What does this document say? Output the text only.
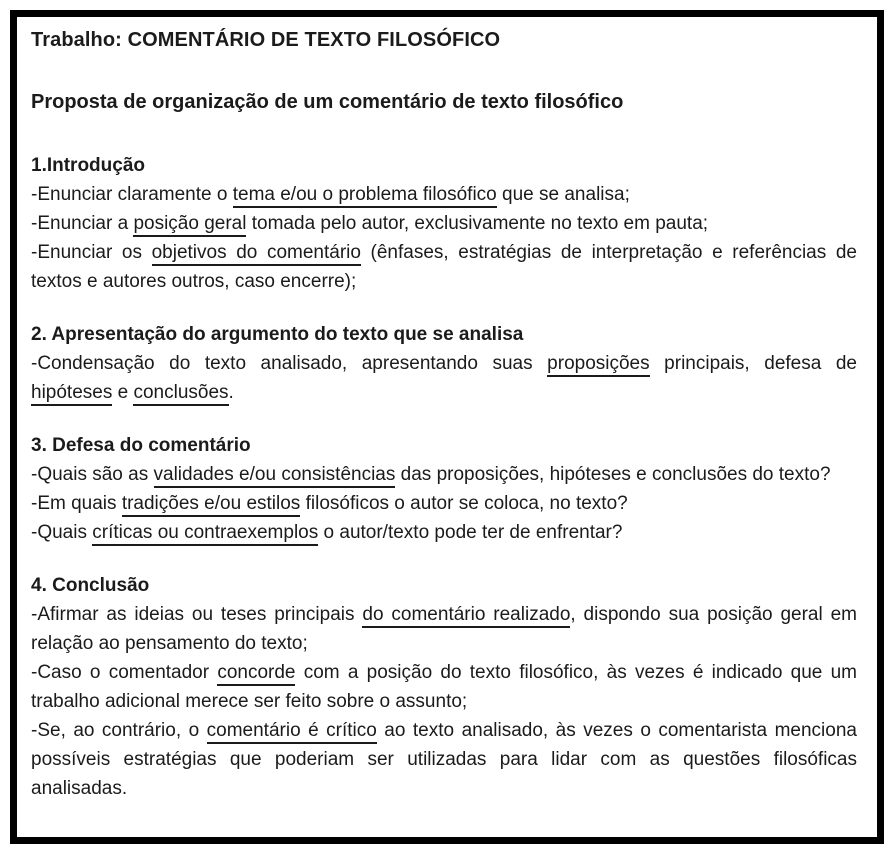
Trabalho: COMENTÁRIO DE TEXTO FILOSÓFICO

Proposta de organização de um comentário de texto filosófico

1.Introdução

-Enunciar claramente o tema e/ou o problema filosófico que se analisa;

-Enunciar a posição geral tomada pelo autor, exclusivamente no texto em pauta;

-Enunciar os objetivos do comentário (ênfases, estratégias de interpretação e referências de textos e autores outros, caso encerre);

2. Apresentação do argumento do texto que se analisa

-Condensação do texto analisado, apresentando suas proposições principais, defesa de hipóteses e conclusões.

3. Defesa do comentário

-Quais são as validades e/ou consistências das proposições, hipóteses e conclusões do texto?

-Em quais tradições e/ou estilos filosóficos o autor se coloca, no texto?

-Quais críticas ou contraexemplos o autor/texto pode ter de enfrentar?

4. Conclusão

-Afirmar as ideias ou teses principais do comentário realizado, dispondo sua posição geral em relação ao pensamento do texto;

-Caso o comentador concorde com a posição do texto filosófico, às vezes é indicado que um trabalho adicional merece ser feito sobre o assunto;

-Se, ao contrário, o comentário é crítico ao texto analisado, às vezes o comentarista menciona possíveis estratégias que poderiam ser utilizadas para lidar com as questões filosóficas analisadas.
